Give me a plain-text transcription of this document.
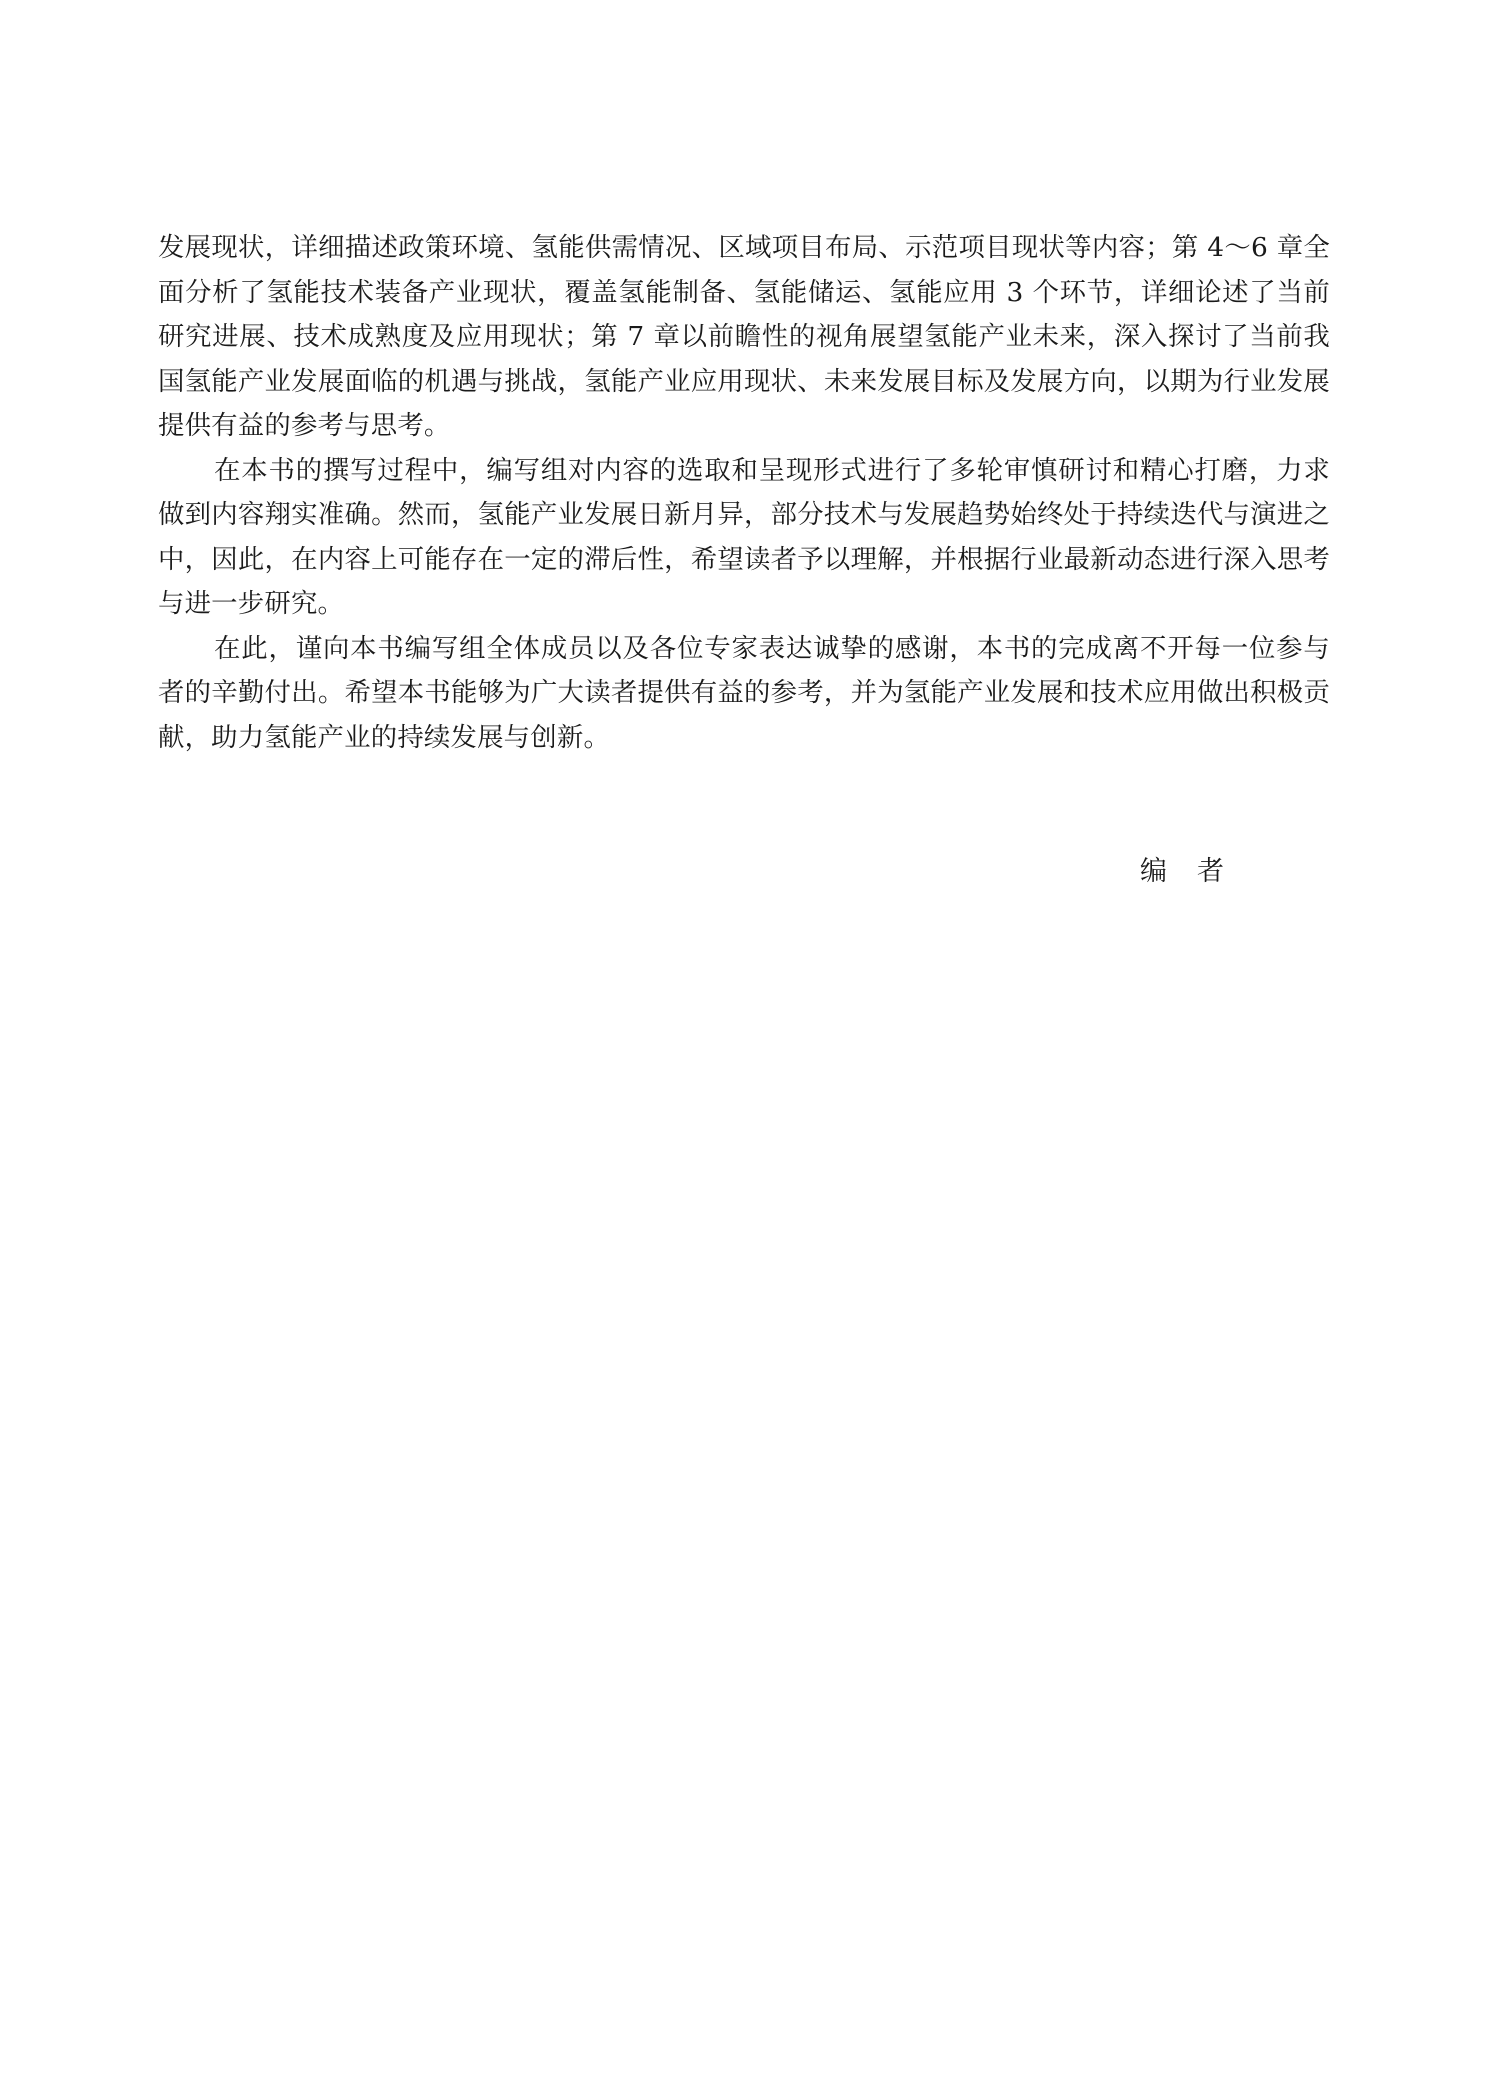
发展现状，详细描述政策环境、氢能供需情况、区域项目布局、示范项目现状等内容；第 4～6 章全面分析了氢能技术装备产业现状，覆盖氢能制备、氢能储运、氢能应用 3 个环节，详细论述了当前研究进展、技术成熟度及应用现状；第 7 章以前瞻性的视角展望氢能产业未来，深入探讨了当前我国氢能产业发展面临的机遇与挑战，氢能产业应用现状、未来发展目标及发展方向，以期为行业发展提供有益的参考与思考。

在本书的撰写过程中，编写组对内容的选取和呈现形式进行了多轮审慎研讨和精心打磨，力求做到内容翔实准确。然而，氢能产业发展日新月异，部分技术与发展趋势始终处于持续迭代与演进之中，因此，在内容上可能存在一定的滞后性，希望读者予以理解，并根据行业最新动态进行深入思考与进一步研究。

在此，谨向本书编写组全体成员以及各位专家表达诚挚的感谢，本书的完成离不开每一位参与者的辛勤付出。希望本书能够为广大读者提供有益的参考，并为氢能产业发展和技术应用做出积极贡献，助力氢能产业的持续发展与创新。

编者
